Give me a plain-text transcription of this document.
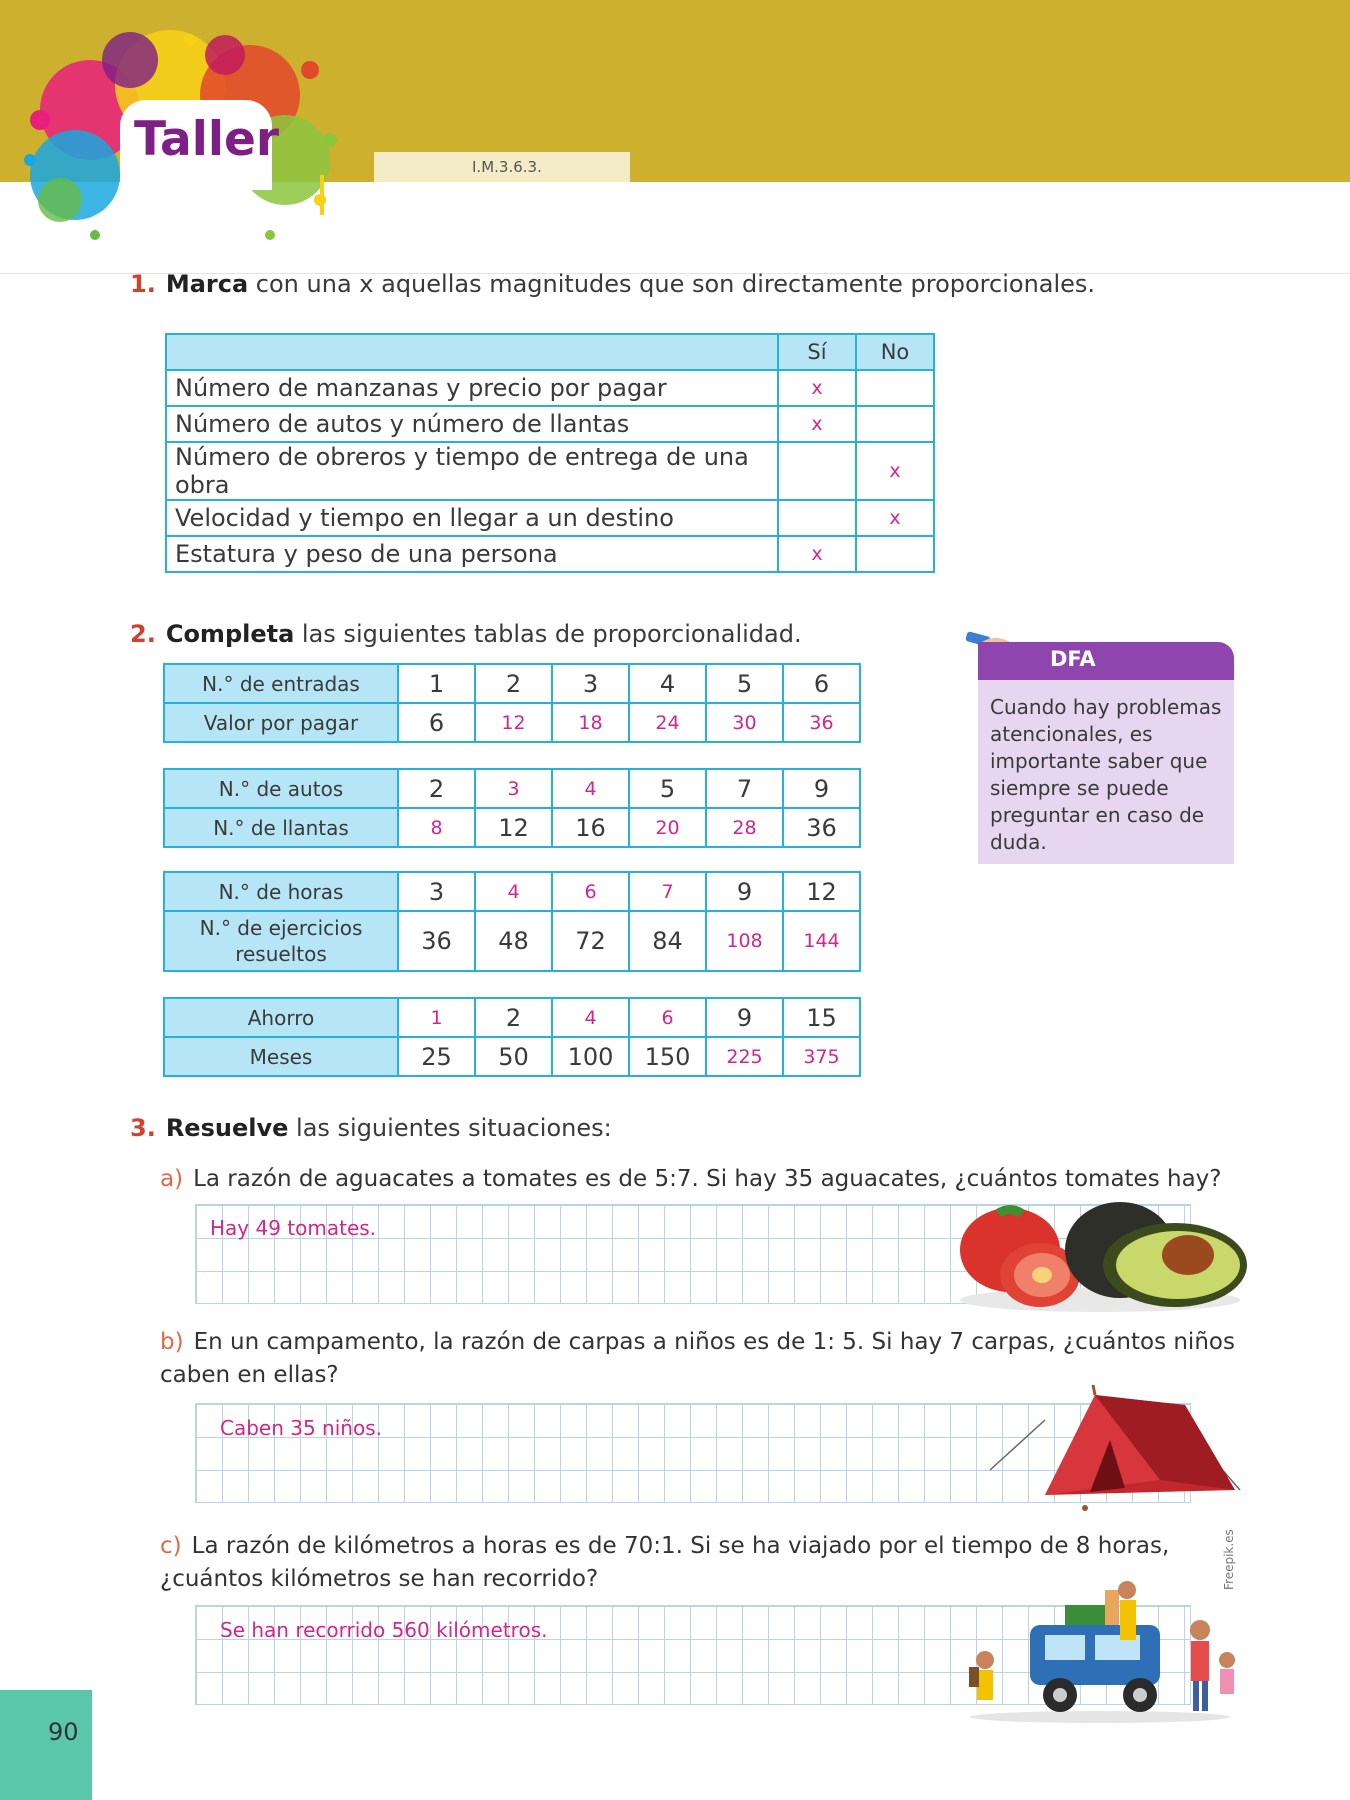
Taller	I.M.3.6.3.
1. Marca con una x aquellas magnitudes que son directamente proporcionales.
	Sí	No
Número de manzanas y precio por pagar	x	
Número de autos y número de llantas	x	
Número de obreros y tiempo de entrega de una obra		x
Velocidad y tiempo en llegar a un destino		x
Estatura y peso de una persona	x	
2. Completa las siguientes tablas de proporcionalidad.
N.° de entradas	1	2	3	4	5	6
Valor por pagar	6	12	18	24	30	36
N.° de autos	2	3	4	5	7	9
N.° de llantas	8	12	16	20	28	36
N.° de horas	3	4	6	7	9	12
N.° de ejercicios resueltos	36	48	72	84	108	144
Ahorro	1	2	4	6	9	15
Meses	25	50	100	150	225	375
DFA
Cuando hay problemas atencionales, es importante saber que siempre se puede preguntar en caso de duda.
3. Resuelve las siguientes situaciones:
a) La razón de aguacates a tomates es de 5:7. Si hay 35 aguacates, ¿cuántos tomates hay?
Hay 49 tomates.
b) En un campamento, la razón de carpas a niños es de 1: 5. Si hay 7 carpas, ¿cuántos niños caben en ellas?
Caben 35 niños.
c) La razón de kilómetros a horas es de 70:1. Si se ha viajado por el tiempo de 8 horas, ¿cuántos kilómetros se han recorrido?
Se han recorrido 560 kilómetros.
Freepik.es
90
